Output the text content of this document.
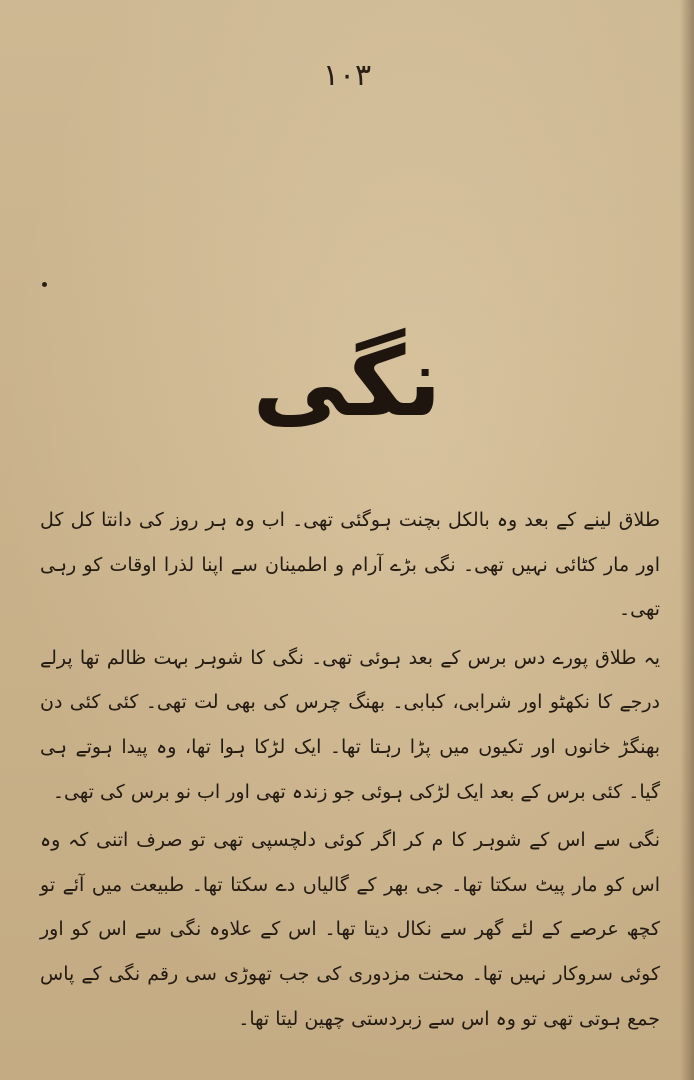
۱۰۳
نگی

طلاق لینے کے بعد وہ بالکل بچنت ہوگئی تھی۔ اب وہ ہر روز کی دانتا کل کل اور مار کٹائی نہیں تھی۔ نگی بڑے آرام و اطمینان سے اپنا لذرا اوقات کو رہی تھی۔

یہ طلاق پورے دس برس کے بعد ہوئی تھی۔ نگی کا شوہر بہت ظالم تھا پرلے درجے کا نکھٹو اور شرابی، کبابی۔ بھنگ چرس کی بھی لت تھی۔ کئی کئی دن بھنگڑ خانوں اور تکیوں میں پڑا رہتا تھا۔ ایک لڑکا ہوا تھا، وہ پیدا ہوتے ہی گیا۔ کئی برس کے بعد ایک لڑکی ہوئی جو زندہ تھی اور اب نو برس کی تھی۔

نگی سے اس کے شوہر کا م کر اگر کوئی دلچسپی تھی تو صرف اتنی کہ وہ اس کو مار پیٹ سکتا تھا۔ جی بھر کے گالیاں دے سکتا تھا۔ طبیعت میں آئے تو کچھ عرصے کے لئے گھر سے نکال دیتا تھا۔ اس کے علاوہ نگی سے اس کو اور کوئی سروکار نہیں تھا۔ محنت مزدوری کی جب تھوڑی سی رقم نگی کے پاس جمع ہوتی تھی تو وہ اس سے زبردستی چھین لیتا تھا۔
